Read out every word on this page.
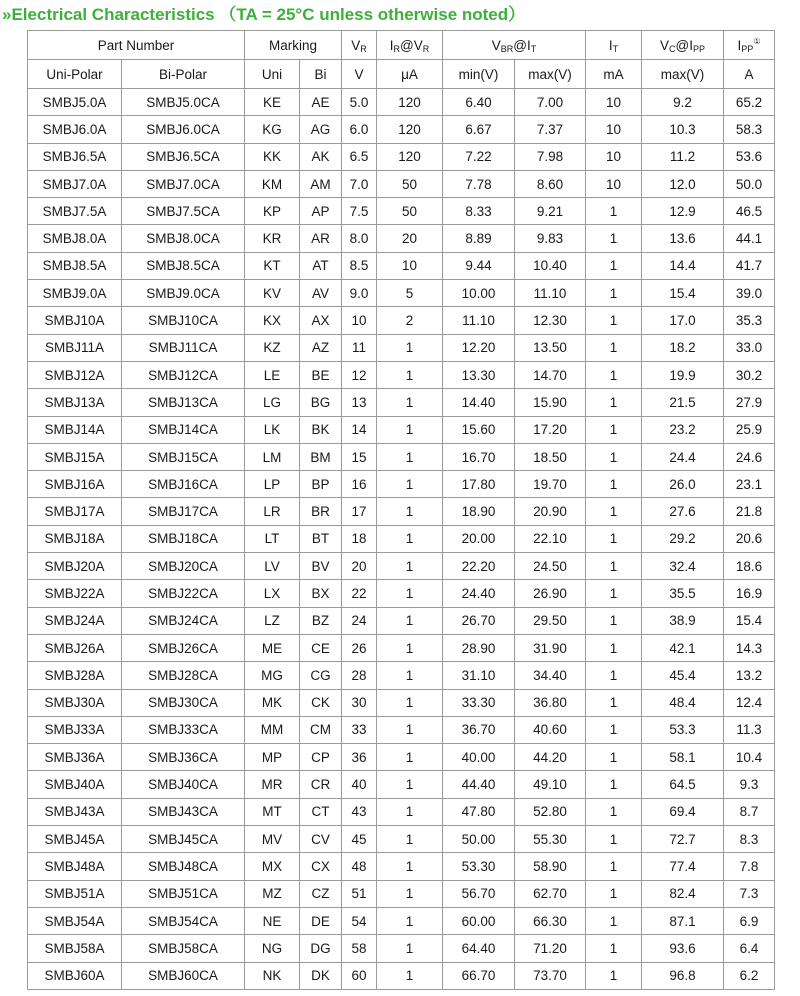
» Electrical Characteristics （TA = 25°C unless otherwise noted）
Part Number		Marking		$V_R$	$I_R@V_R$	$V_{BR}@I_T$		$I_T$	$V_C@I_{PP}$	$I_{PP}^①$
Uni-Polar	Bi-Polar	Uni	Bi	V	μA	min(V)	max(V)	mA	max(V)	A
SMBJ5.0A	SMBJ5.0CA	KE	AE	5.0	120	6.40	7.00	10	9.2	65.2
SMBJ6.0A	SMBJ6.0CA	KG	AG	6.0	120	6.67	7.37	10	10.3	58.3
SMBJ6.5A	SMBJ6.5CA	KK	AK	6.5	120	7.22	7.98	10	11.2	53.6
SMBJ7.0A	SMBJ7.0CA	KM	AM	7.0	50	7.78	8.60	10	12.0	50.0
SMBJ7.5A	SMBJ7.5CA	KP	AP	7.5	50	8.33	9.21	1	12.9	46.5
SMBJ8.0A	SMBJ8.0CA	KR	AR	8.0	20	8.89	9.83	1	13.6	44.1
SMBJ8.5A	SMBJ8.5CA	KT	AT	8.5	10	9.44	10.40	1	14.4	41.7
SMBJ9.0A	SMBJ9.0CA	KV	AV	9.0	5	10.00	11.10	1	15.4	39.0
SMBJ10A	SMBJ10CA	KX	AX	10	2	11.10	12.30	1	17.0	35.3
SMBJ11A	SMBJ11CA	KZ	AZ	11	1	12.20	13.50	1	18.2	33.0
SMBJ12A	SMBJ12CA	LE	BE	12	1	13.30	14.70	1	19.9	30.2
SMBJ13A	SMBJ13CA	LG	BG	13	1	14.40	15.90	1	21.5	27.9
SMBJ14A	SMBJ14CA	LK	BK	14	1	15.60	17.20	1	23.2	25.9
SMBJ15A	SMBJ15CA	LM	BM	15	1	16.70	18.50	1	24.4	24.6
SMBJ16A	SMBJ16CA	LP	BP	16	1	17.80	19.70	1	26.0	23.1
SMBJ17A	SMBJ17CA	LR	BR	17	1	18.90	20.90	1	27.6	21.8
SMBJ18A	SMBJ18CA	LT	BT	18	1	20.00	22.10	1	29.2	20.6
SMBJ20A	SMBJ20CA	LV	BV	20	1	22.20	24.50	1	32.4	18.6
SMBJ22A	SMBJ22CA	LX	BX	22	1	24.40	26.90	1	35.5	16.9
SMBJ24A	SMBJ24CA	LZ	BZ	24	1	26.70	29.50	1	38.9	15.4
SMBJ26A	SMBJ26CA	ME	CE	26	1	28.90	31.90	1	42.1	14.3
SMBJ28A	SMBJ28CA	MG	CG	28	1	31.10	34.40	1	45.4	13.2
SMBJ30A	SMBJ30CA	MK	CK	30	1	33.30	36.80	1	48.4	12.4
SMBJ33A	SMBJ33CA	MM	CM	33	1	36.70	40.60	1	53.3	11.3
SMBJ36A	SMBJ36CA	MP	CP	36	1	40.00	44.20	1	58.1	10.4
SMBJ40A	SMBJ40CA	MR	CR	40	1	44.40	49.10	1	64.5	9.3
SMBJ43A	SMBJ43CA	MT	CT	43	1	47.80	52.80	1	69.4	8.7
SMBJ45A	SMBJ45CA	MV	CV	45	1	50.00	55.30	1	72.7	8.3
SMBJ48A	SMBJ48CA	MX	CX	48	1	53.30	58.90	1	77.4	7.8
SMBJ51A	SMBJ51CA	MZ	CZ	51	1	56.70	62.70	1	82.4	7.3
SMBJ54A	SMBJ54CA	NE	DE	54	1	60.00	66.30	1	87.1	6.9
SMBJ58A	SMBJ58CA	NG	DG	58	1	64.40	71.20	1	93.6	6.4
SMBJ60A	SMBJ60CA	NK	DK	60	1	66.70	73.70	1	96.8	6.2
